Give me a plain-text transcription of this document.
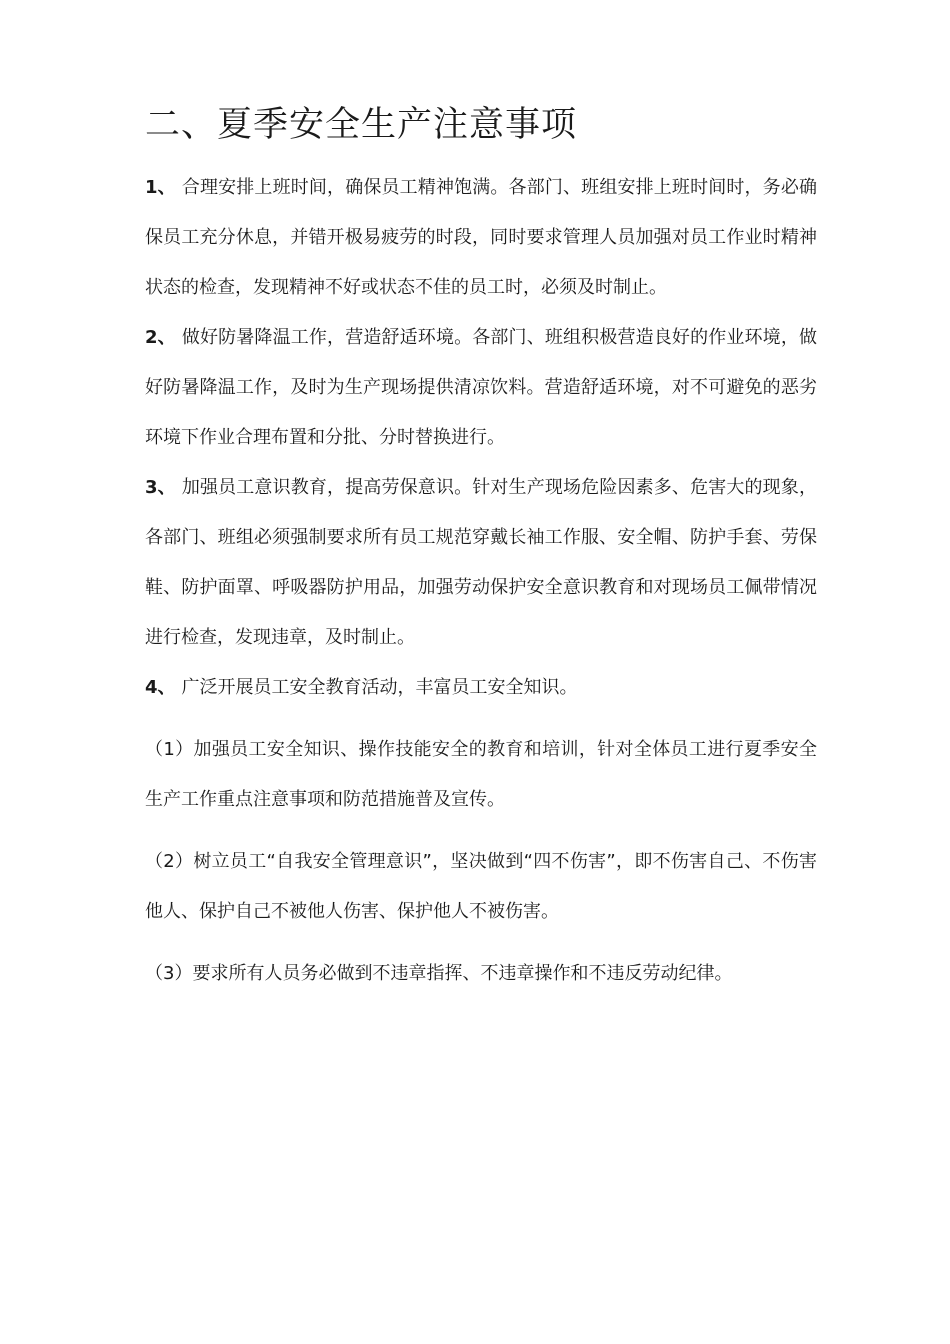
二、夏季安全生产注意事项

1、 合理安排上班时间，确保员工精神饱满。各部门、班组安排上班时间时，务必确保员工充分休息，并错开极易疲劳的时段，同时要求管理人员加强对员工作业时精神状态的检查，发现精神不好或状态不佳的员工时，必须及时制止。

2、 做好防暑降温工作，营造舒适环境。各部门、班组积极营造良好的作业环境，做好防暑降温工作，及时为生产现场提供清凉饮料。营造舒适环境，对不可避免的恶劣环境下作业合理布置和分批、分时替换进行。

3、 加强员工意识教育，提高劳保意识。针对生产现场危险因素多、危害大的现象，各部门、班组必须强制要求所有员工规范穿戴长袖工作服、安全帽、防护手套、劳保鞋、防护面罩、呼吸器防护用品，加强劳动保护安全意识教育和对现场员工佩带情况进行检查，发现违章，及时制止。

4、 广泛开展员工安全教育活动，丰富员工安全知识。

（1）加强员工安全知识、操作技能安全的教育和培训，针对全体员工进行夏季安全生产工作重点注意事项和防范措施普及宣传。

（2）树立员工“自我安全管理意识”，坚决做到“四不伤害”，即不伤害自己、不伤害他人、保护自己不被他人伤害、保护他人不被伤害。

（3）要求所有人员务必做到不违章指挥、不违章操作和不违反劳动纪律。
